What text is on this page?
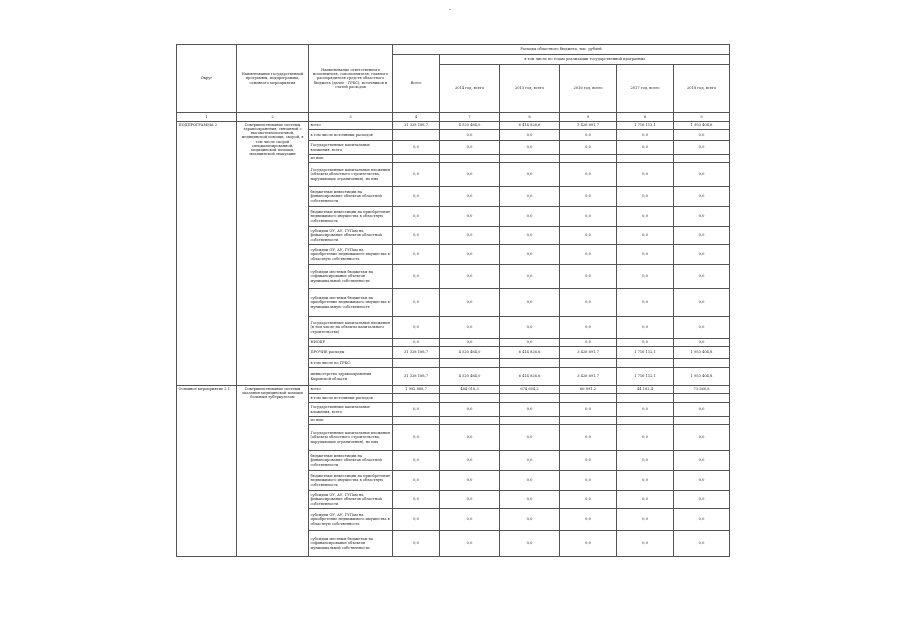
-
Округ	Наименование государственной программы, подпрограммы, основного мероприятия	Наименование ответственного исполнителя, соисполнителя, главного распорядителя средств областного бюджета (далее - ГРБС), источников и статей расходов	Расходы областного бюджета, тыс. рублей					
			Всего	в том числе по годам реализации государственной программы				
				2014 год, всего	2015 год, всего	2016 год, всего	2017 год, всего	2018 год, всего
1	2	3	4	7	8	9	6	9
ПОДПРОГРАММА 2	Совершенствование системы здравоохранения, связанной с высокотехнологичной, медицинской помощи, скорой, в том числе скорой специализированной, медицинской помощи, медицинской эвакуации	всего	31 328 188,7	4 520 484,0	6 414 826,6	3 426 691,7	1 716 112,1	1 953 404,8
		в том числе источники расходов		0,0	0,0	0,0	0,0	0,0
		Государственные капитальные вложения, всего	0,0	0,0	0,0	0,0	0,0	0,0
		из них:						
		Государственные капитальные вложения (объекты областного строительства, нарушающие ограничения), но них	0,0	0,0	0,0	0,0	0,0	0,0
		бюджетные инвестиции на финансирование объектов областной собственности	0,0	0,0	0,0	0,0	0,0	0,0
		бюджетные инвестиции на приобретение недвижимого имущества в областную собственность	0,0	0,0	0,0	0,0	0,0	0,0
		субсидии ОУ, АУ, ГУПам на финансирование объектов областной собственности	0,0	0,0	0,0	0,0	0,0	0,0
		субсидии ОУ, АУ, ГУПам на приобретение недвижимого имущества в областную собственность	0,0	0,0	0,0	0,0	0,0	0,0
		субсидии местным бюджетам на софинансирование объектов муниципальной собственности	0,0	0,0	0,0	0,0	0,0	0,0
		субсидии местным бюджетам на приобретение недвижимого имущества в муниципальную собственность	0,0	0,0	0,0	0,0	0,0	0,0
		Государственные капитальные вложения (в том числе на объекты капитального строительства)	0,0	0,0	0,0	0,0	0,0	0,0
		НИОКР	0,0	0,0	0,0	0,0	0,0	0,0
		ПРОЧИЕ расходы	31 328 188,7	4 520 484,0	6 414 826,6	3 426 691,7	1 716 112,1	1 953 404,8
		в том числе по ГРБС:						
		министерство здравоохранения Кировской области	31 328 188,7	4 520 484,0	6 414 826,6	3 426 691,7	1 716 112,1	1 953 404,8
Основное мероприятие 2.1.	Совершенствование системы оказания медицинской помощи больным туберкулезом	всего	1 992 888,7	484 018,3	674 654,2	66 991,2	44 102,4	73 560,8
		в том числе источники расходов						
		Государственные капитальные вложения, всего	0,0	0,0	0,0	0,0	0,0	0,0
		из них:						
		Государственные капитальные вложения (объекты областного строительства, нарушающие ограничения), но них	0,0	0,0	0,0	0,0	0,0	0,0
		бюджетные инвестиции на финансирование объектов областной собственности	0,0	0,0	0,0	0,0	0,0	0,0
		бюджетные инвестиции на приобретение недвижимого имущества в областную собственность	0,0	0,0	0,0	0,0	0,0	0,0
		субсидии ОУ, АУ, ГУПам на финансирование объектов областной собственности	0,0	0,0	0,0	0,0	0,0	0,0
		субсидии ОУ, АУ, ГУПам на приобретение недвижимого имущества в областную собственность	0,0	0,0	0,0	0,0	0,0	0,0
		субсидии местным бюджетам на софинансирование объектов муниципальной собственности	0,0	0,0	0,0	0,0	0,0	0,0
